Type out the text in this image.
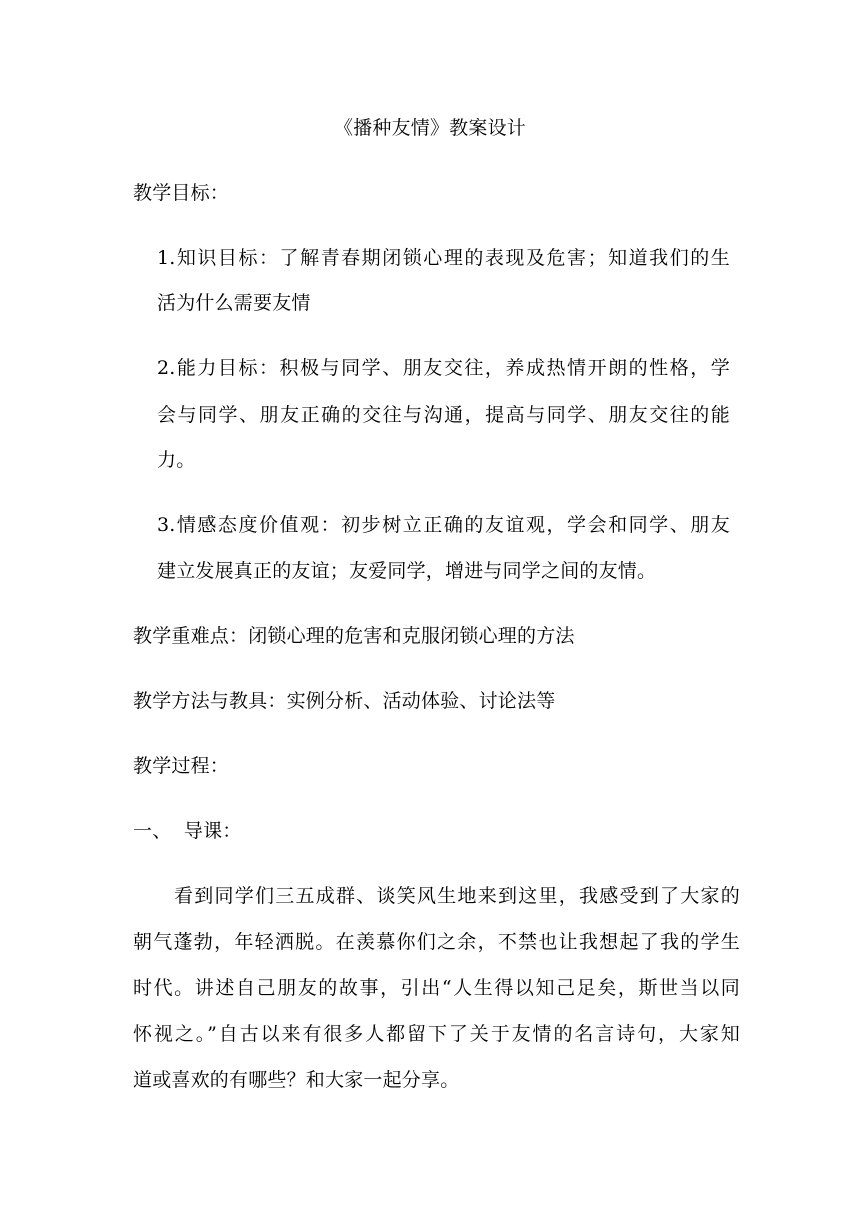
《播种友情》教案设计
教学目标：
1.知识目标：了解青春期闭锁心理的表现及危害；知道我们的生
活为什么需要友情
2.能力目标：积极与同学、朋友交往，养成热情开朗的性格，学
会与同学、朋友正确的交往与沟通，提高与同学、朋友交往的能
力。
3.情感态度价值观：初步树立正确的友谊观，学会和同学、朋友
建立发展真正的友谊；友爱同学，增进与同学之间的友情。
教学重难点：闭锁心理的危害和克服闭锁心理的方法
教学方法与教具：实例分析、活动体验、讨论法等
教学过程：
一、  导课：
看到同学们三五成群、谈笑风生地来到这里，我感受到了大家的
朝气蓬勃，年轻洒脱。在羡慕你们之余，不禁也让我想起了我的学生
时代。讲述自己朋友的故事，引出“人生得以知己足矣，斯世当以同
怀视之。”自古以来有很多人都留下了关于友情的名言诗句，大家知
道或喜欢的有哪些？和大家一起分享。
